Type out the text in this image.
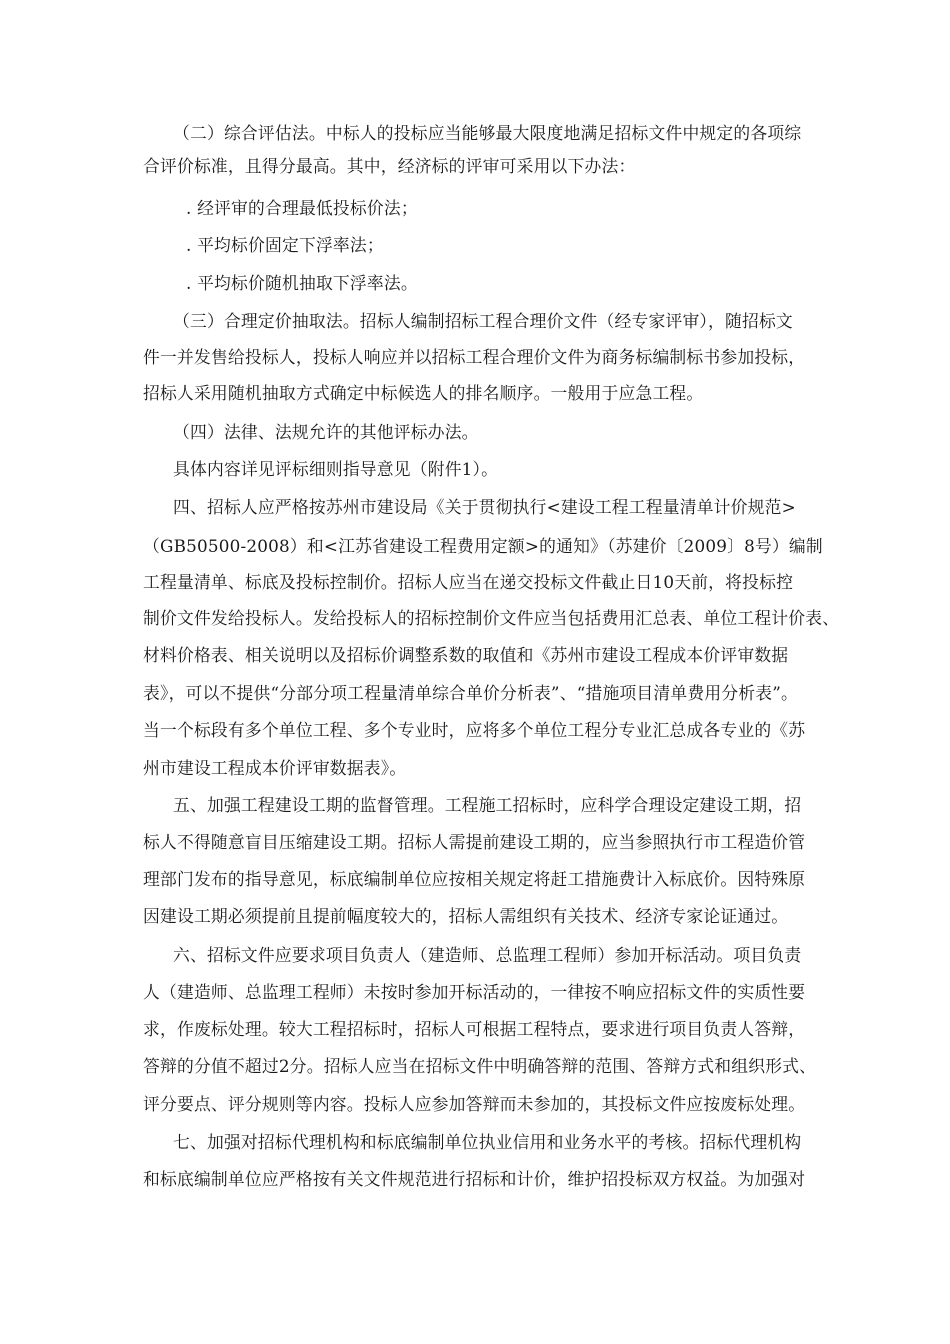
（二）综合评估法。中标人的投标应当能够最大限度地满足招标文件中规定的各项综
合评价标准，且得分最高。其中，经济标的评审可采用以下办法：
. 经评审的合理最低投标价法；
. 平均标价固定下浮率法；
. 平均标价随机抽取下浮率法。
（三）合理定价抽取法。招标人编制招标工程合理价文件（经专家评审），随招标文
件一并发售给投标人，投标人响应并以招标工程合理价文件为商务标编制标书参加投标，
招标人采用随机抽取方式确定中标候选人的排名顺序。一般用于应急工程。
（四）法律、法规允许的其他评标办法。
具体内容详见评标细则指导意见（附件1）。
四、招标人应严格按苏州市建设局《关于贯彻执行<建设工程工程量清单计价规范>
（GB50500-2008）和<江苏省建设工程费用定额>的通知》（苏建价〔2009〕8号）编制
工程量清单、标底及投标控制价。招标人应当在递交投标文件截止日10天前，将投标控
制价文件发给投标人。发给投标人的招标控制价文件应当包括费用汇总表、单位工程计价表、
材料价格表、相关说明以及招标价调整系数的取值和《苏州市建设工程成本价评审数据
表》，可以不提供“分部分项工程量清单综合单价分析表”、“措施项目清单费用分析表”。
当一个标段有多个单位工程、多个专业时，应将多个单位工程分专业汇总成各专业的《苏
州市建设工程成本价评审数据表》。
五、加强工程建设工期的监督管理。工程施工招标时，应科学合理设定建设工期，招
标人不得随意盲目压缩建设工期。招标人需提前建设工期的，应当参照执行市工程造价管
理部门发布的指导意见，标底编制单位应按相关规定将赶工措施费计入标底价。因特殊原
因建设工期必须提前且提前幅度较大的，招标人需组织有关技术、经济专家论证通过。
六、招标文件应要求项目负责人（建造师、总监理工程师）参加开标活动。项目负责
人（建造师、总监理工程师）未按时参加开标活动的，一律按不响应招标文件的实质性要
求，作废标处理。较大工程招标时，招标人可根据工程特点，要求进行项目负责人答辩，
答辩的分值不超过2分。招标人应当在招标文件中明确答辩的范围、答辩方式和组织形式、
评分要点、评分规则等内容。投标人应参加答辩而未参加的，其投标文件应按废标处理。
七、加强对招标代理机构和标底编制单位执业信用和业务水平的考核。招标代理机构
和标底编制单位应严格按有关文件规范进行招标和计价，维护招投标双方权益。为加强对
